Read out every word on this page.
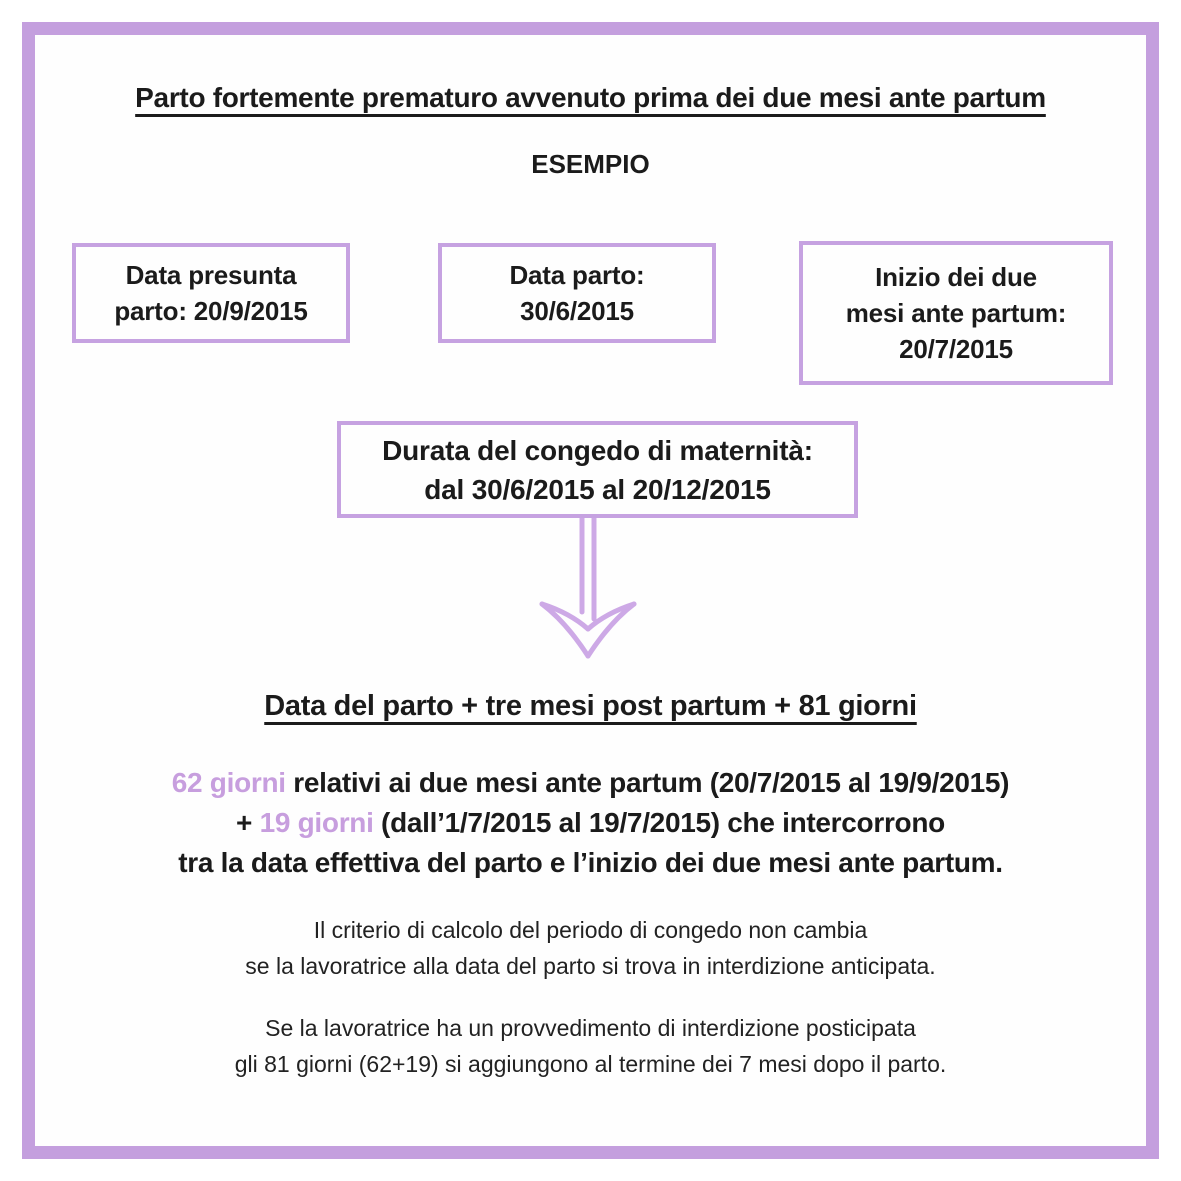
Parto fortemente prematuro avvenuto prima dei due mesi ante partum
ESEMPIO
Data presunta
parto: 20/9/2015
Data parto:
30/6/2015
Inizio dei due
mesi ante partum:
20/7/2015
Durata del congedo di maternità:
dal 30/6/2015 al 20/12/2015
Data del parto + tre mesi post partum + 81 giorni
62 giorni relativi ai due mesi ante partum (20/7/2015 al 19/9/2015)
+ 19 giorni (dall’1/7/2015 al 19/7/2015) che intercorrono
tra la data effettiva del parto e l’inizio dei due mesi ante partum.
Il criterio di calcolo del periodo di congedo non cambia
se la lavoratrice alla data del parto si trova in interdizione anticipata.
Se la lavoratrice ha un provvedimento di interdizione posticipata
gli 81 giorni (62+19) si aggiungono al termine dei 7 mesi dopo il parto.
